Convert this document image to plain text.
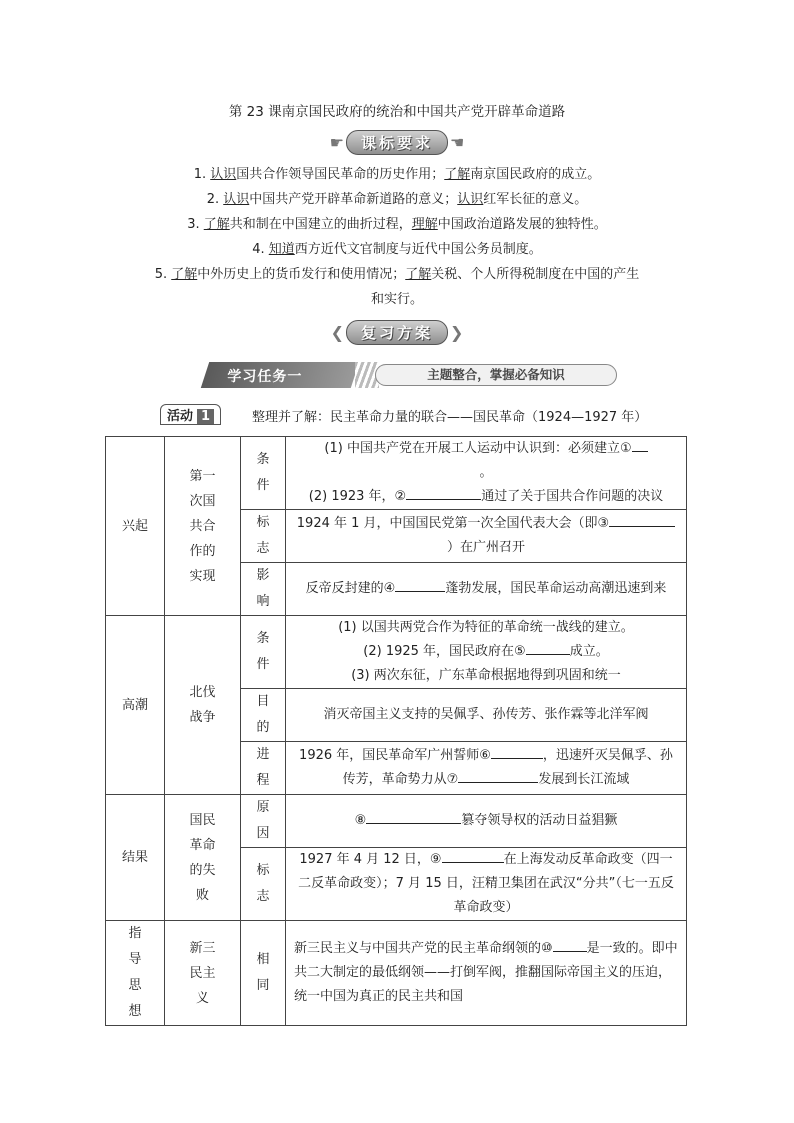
第 23 课南京国民政府的统治和中国共产党开辟革命道路
☛	课标要求	☚
1. 认识国共合作领导国民革命的历史作用；了解南京国民政府的成立。
2. 认识中国共产党开辟革命新道路的意义；认识红军长征的意义。
3. 了解共和制在中国建立的曲折过程，理解中国政治道路发展的独特性。
4. 知道西方近代文官制度与近代中国公务员制度。
5. 了解中外历史上的货币发行和使用情况；了解关税、个人所得税制度在中国的产生
和实行。
❮	复习方案	❯
学习任务一	主题整合，掌握必备知识
活动 1	整理并了解：民主革命力量的联合——国民革命（1924—1927 年）
兴起	第一次国共合作的实现	条件	(1) 中国共产党在开展工人运动中认识到：必须建立①
。
(2) 1923 年，② 通过了关于国共合作问题的决议

		标志	1924 年 1 月，中国国民党第一次全国代表大会（即③）在广州召开
		影响	反帝反封建的④ 蓬勃发展，国民革命运动高潮迅速到来
高潮	北伐战争	条件	(1) 以国共两党合作为特征的革命统一战线的建立。
(2) 1925 年，国民政府在⑤ 成立。
(3) 两次东征，广东革命根据地得到巩固和统一

		目的	消灭帝国主义支持的吴佩孚、孙传芳、张作霖等北洋军阀
		进程	1926 年，国民革命军广州誓师⑥ ，迅速歼灭吴佩孚、孙传芳，革命势力从⑦ 发展到长江流域
结果	国民革命的失败	原因	⑧ 篡夺领导权的活动日益猖獗
		标志	1927 年 4 月 12 日，⑨ 在上海发动反革命政变（四一二反革命政变）；7 月 15 日，汪精卫集团在武汉“分共”（七一五反革命政变）
指导思想	新三民主义	相同	新三民主义与中国共产党的民主革命纲领的⑩ 是一致的。即中共二大制定的最低纲领——打倒军阀，推翻国际帝国主义的压迫，统一中国为真正的民主共和国
